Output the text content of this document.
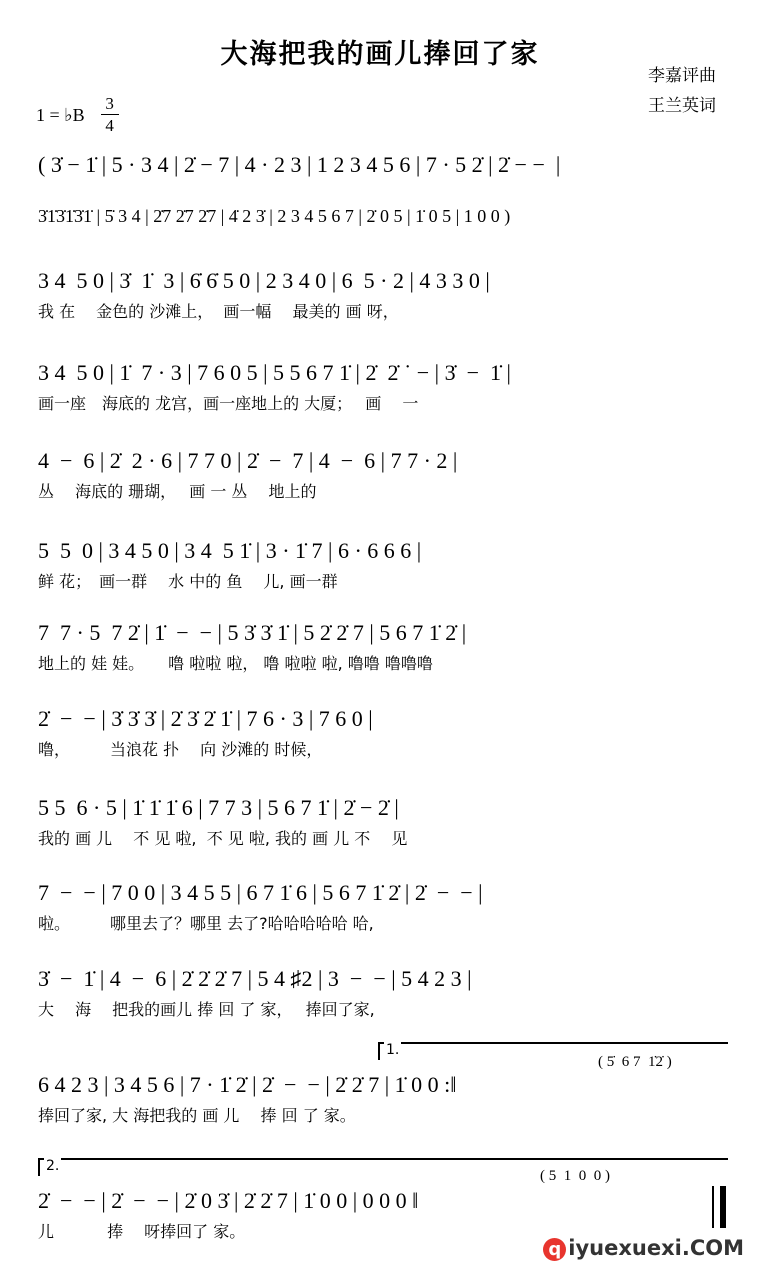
大海把我的画儿捧回了家
李嘉评曲
王兰英词
1 = ♭B $\frac{3}{4}$
( 3̇ − 1̇ | 5 · 3 4 | 2̇ − 7 | 4 · 2 3 | 1 2 3 4 5 6 | 7 · 5 2̇ | 2̇ − −  |
3̇1̇3̇1̇3̇1̇ | 5̇ 3 4 | 2̇7 2̇7 2̇7 | 4̇ 2 3̇ | 2 3 4 5 6 7 | 2̇ 0 5 | 1̇ 0 5 | 1 0 0 )
3 4  5 0 | 3̇  1̇  3 | 6̇ 6̇ 5 0 | 2 3 4 0 | 6  5 · 2 | 4 3 3 0 |
我 在　 金色的 沙滩上，  画一幅　 最美的 画 呀，
3 4  5 0 | 1̇  7 · 3 | 7 6 0 5 | 5 5 6 7 1̇ | 2̇  2̇ ˙ − | 3̇  −  1̇ |
画一座　海底的 龙宫，画一座地上的 大厦；　 画　 一
4  −  6 | 2̇  2 · 6 | 7 7 0 | 2̇  −  7 | 4  −  6 | 7 7 · 2 |
丛　 海底的 珊瑚，　 画 一 丛　 地上的
5  5  0 | 3 4 5 0 | 3 4  5 1̇ | 3 · 1̇ 7 | 6 · 6 6 6 |
鲜 花；　画一群　 水 中的 鱼　 儿, 画一群
7  7 · 5  7 2̇ | 1̇  −  − | 5 3̇ 3̇ 1̇ | 5 2̇ 2̇ 7 | 5 6 7 1̇ 2̇ |
地上的 娃 娃。　　噜 啦啦 啦， 噜 啦啦 啦, 噜噜 噜噜噜
2̇  −  − | 3̇ 3̇ 3̇ | 2̇ 3̇ 2̇ 1̇ | 7 6 · 3 | 7 6 0 |
噜，　　　当浪花 扑　 向 沙滩的 时候，
5 5  6 · 5 | 1̇ 1̇ 1̇ 6 | 7 7 3 | 5 6 7 1̇ | 2̇ − 2̇ |
我的 画 儿　 不 见 啦,  不 见 啦, 我的 画 儿 不　 见
7  −  − | 7 0 0 | 3 4 5 5 | 6 7 1̇ 6 | 5 6 7 1̇ 2̇ | 2̇  −  − |
啦。　　　哪里去了？哪里 去了?哈哈哈哈哈 哈,
3̇  −  1̇ | 4  −  6 | 2̇ 2̇ 2̇ 7 | 5 4 ♯2 | 3  −  − | 5 4 2 3 |
大　 海　 把我的画儿 捧 回 了 家，　 捧回了家,
1.
( 5̇  6 7  1̇2̇ )
6 4 2 3 | 3 4 5 6 | 7 · 1̇ 2̇ | 2̇  −  − | 2̇ 2̇ 7 | 1̇ 0 0 :‖
捧回了家, 大 海把我的 画 儿　 捧 回 了 家。
2.
( 5  1  0  0 )
2̇  −  − | 2̇  −  − | 2̇ 0 3̇ | 2̇ 2̇ 7 | 1̇ 0 0 | 0 0 0 ‖
儿　　　 捧　 呀捧回了 家。
q iyuexuexi.COM
